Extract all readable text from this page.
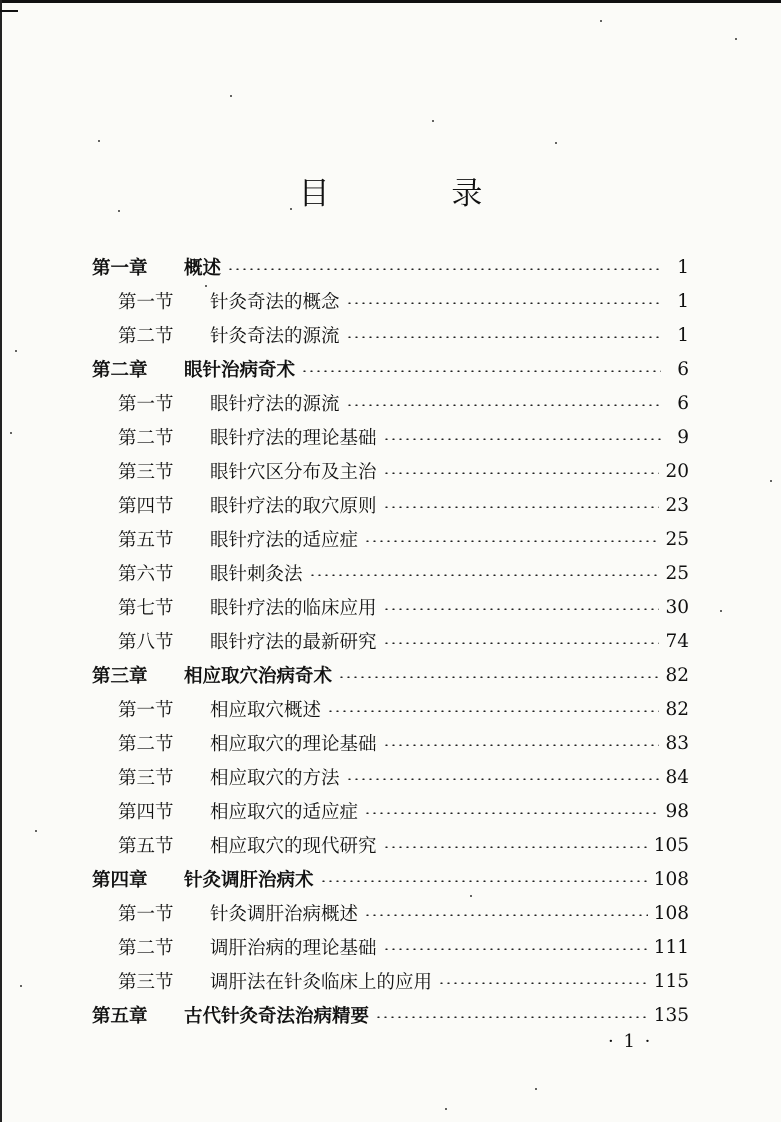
目 录
第一章	概述	1
第一节	针灸奇法的概念	1
第二节	针灸奇法的源流	1
第二章	眼针治病奇术	6
第一节	眼针疗法的源流	6
第二节	眼针疗法的理论基础	9
第三节	眼针穴区分布及主治	20
第四节	眼针疗法的取穴原则	23
第五节	眼针疗法的适应症	25
第六节	眼针刺灸法	25
第七节	眼针疗法的临床应用	30
第八节	眼针疗法的最新研究	74
第三章	相应取穴治病奇术	82
第一节	相应取穴概述	82
第二节	相应取穴的理论基础	83
第三节	相应取穴的方法	84
第四节	相应取穴的适应症	98
第五节	相应取穴的现代研究	105
第四章	针灸调肝治病术	108
第一节	针灸调肝治病概述	108
第二节	调肝治病的理论基础	111
第三节	调肝法在针灸临床上的应用	115
第五章	古代针灸奇法治病精要	135
· 1 ·
